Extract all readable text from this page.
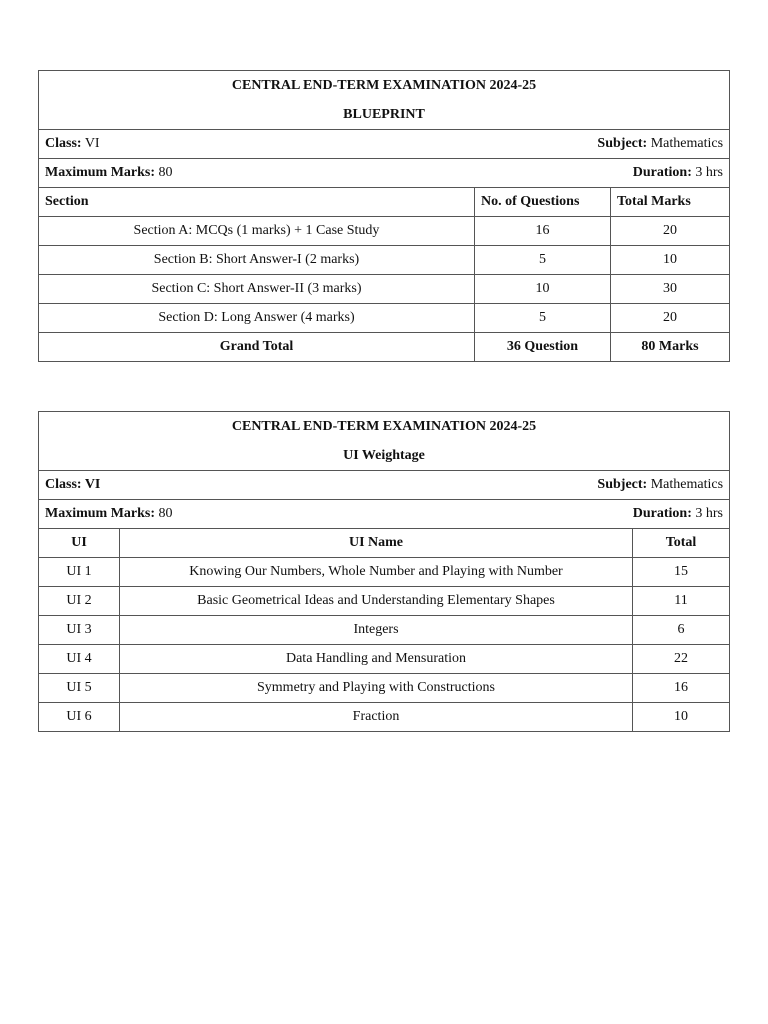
CENTRAL END-TERM EXAMINATION 2024-25
BLUEPRINT		

Class: VI Subject: Mathematics		

Maximum Marks: 80 Duration: 3 hrs		

Section	No. of Questions	Total Marks
Section A: MCQs (1 marks) + 1 Case Study	16	20
Section B: Short Answer-I (2 marks)	5	10
Section C: Short Answer-II (3 marks)	10	30
Section D: Long Answer (4 marks)	5	20
Grand Total	36 Question	80 Marks
CENTRAL END-TERM EXAMINATION 2024-25
UI Weightage		

Class: VI Subject: Mathematics		

Maximum Marks: 80 Duration: 3 hrs		

UI	UI Name	Total
UI 1	Knowing Our Numbers, Whole Number and Playing with Number	15
UI 2	Basic Geometrical Ideas and Understanding Elementary Shapes	11
UI 3	Integers	6
UI 4	Data Handling and Mensuration	22
UI 5	Symmetry and Playing with Constructions	16
UI 6	Fraction	10
